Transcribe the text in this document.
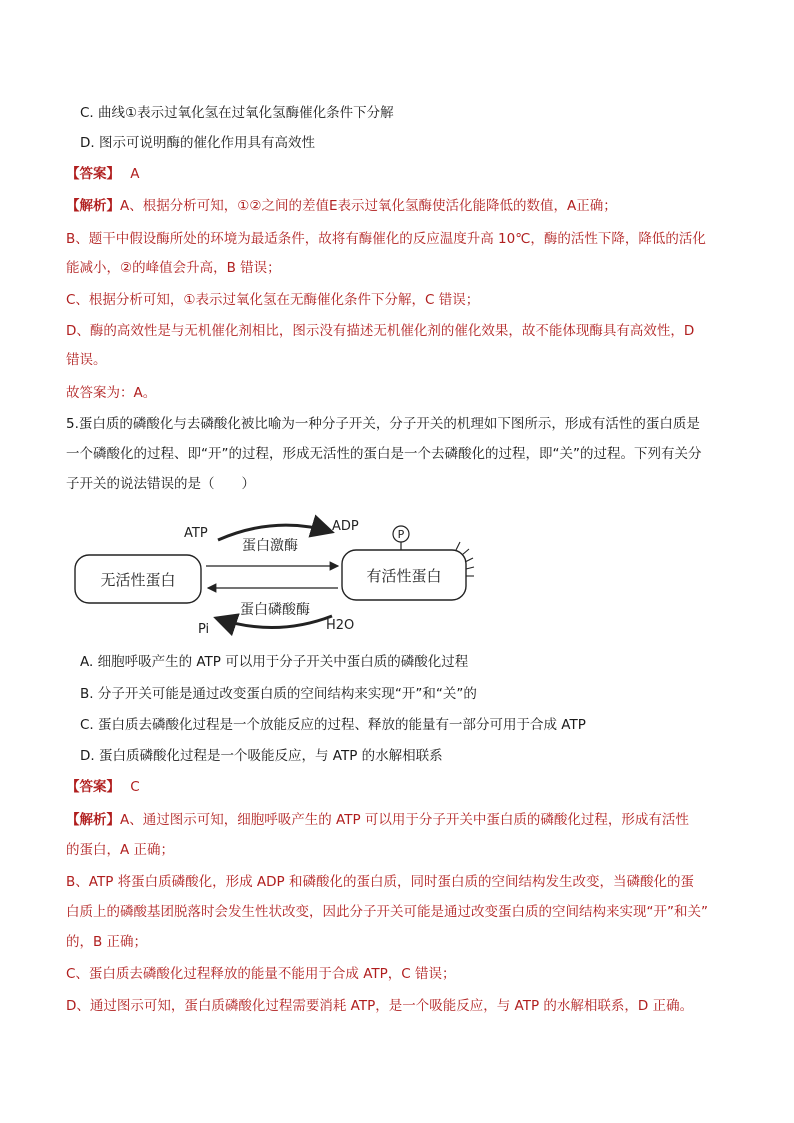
C. 曲线①表示过氧化氢在过氧化氢酶催化条件下分解
D. 图示可说明酶的催化作用具有高效性
【答案】 A
【解析】A、根据分析可知，①②之间的差值E表示过氧化氢酶使活化能降低的数值，A正确；
B、题干中假设酶所处的环境为最适条件，故将有酶催化的反应温度升高 10℃，酶的活性下降，降低的活化
能减小，②的峰值会升高，B 错误；
C、根据分析可知，①表示过氧化氢在无酶催化条件下分解，C 错误；
D、酶的高效性是与无机催化剂相比，图示没有描述无机催化剂的催化效果，故不能体现酶具有高效性，D
错误。
故答案为：A。
5.蛋白质的磷酸化与去磷酸化被比喻为一种分子开关，分子开关的机理如下图所示，形成有活性的蛋白质是
一个磷酸化的过程、即“开”的过程，形成无活性的蛋白是一个去磷酸化的过程，即“关”的过程。下列有关分
子开关的说法错误的是（　　）
无活性蛋白	有活性蛋白
P
ATP	ADP
蛋白激酶
蛋白磷酸酶
Pi	H2O
A. 细胞呼吸产生的 ATP 可以用于分子开关中蛋白质的磷酸化过程
B. 分子开关可能是通过改变蛋白质的空间结构来实现“开”和“关”的
C. 蛋白质去磷酸化过程是一个放能反应的过程、释放的能量有一部分可用于合成 ATP
D. 蛋白质磷酸化过程是一个吸能反应，与 ATP 的水解相联系
【答案】 C
【解析】A、通过图示可知，细胞呼吸产生的 ATP 可以用于分子开关中蛋白质的磷酸化过程，形成有活性
的蛋白，A 正确；
B、ATP 将蛋白质磷酸化，形成 ADP 和磷酸化的蛋白质，同时蛋白质的空间结构发生改变，当磷酸化的蛋
白质上的磷酸基团脱落时会发生性状改变，因此分子开关可能是通过改变蛋白质的空间结构来实现“开”和关”
的，B 正确；
C、蛋白质去磷酸化过程释放的能量不能用于合成 ATP，C 错误；
D、通过图示可知，蛋白质磷酸化过程需要消耗 ATP，是一个吸能反应，与 ATP 的水解相联系，D 正确。
